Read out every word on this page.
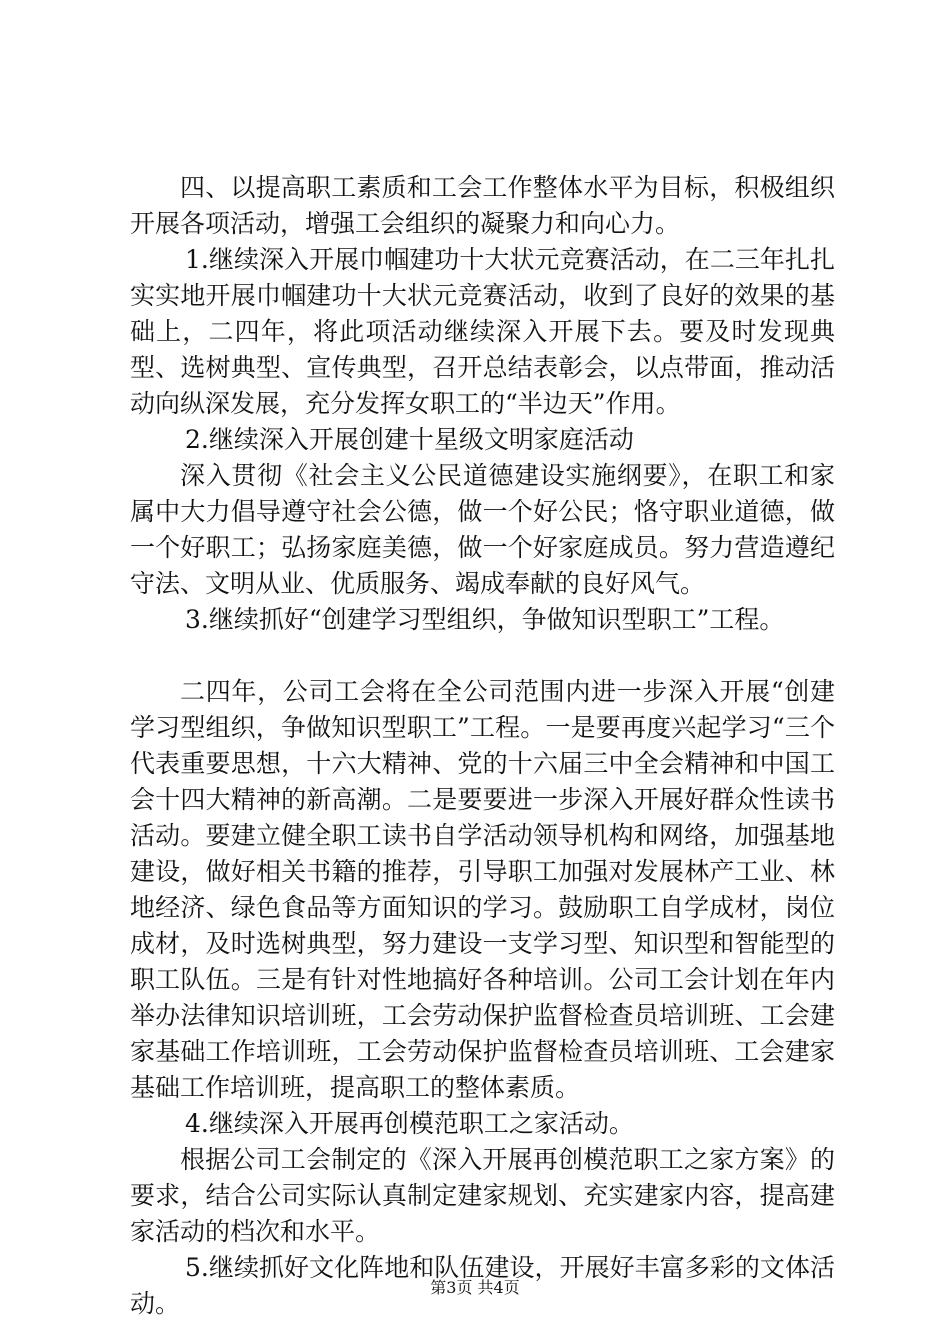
四、以提高职工素质和工会工作整体水平为目标，积极组织开展各项活动，增强工会组织的凝聚力和向心力。

1.继续深入开展巾帼建功十大状元竞赛活动，在二三年扎扎实实地开展巾帼建功十大状元竞赛活动，收到了良好的效果的基础上，二四年，将此项活动继续深入开展下去。要及时发现典型、选树典型、宣传典型，召开总结表彰会，以点带面，推动活动向纵深发展，充分发挥女职工的“半边天”作用。

2.继续深入开展创建十星级文明家庭活动

深入贯彻《社会主义公民道德建设实施纲要》，在职工和家属中大力倡导遵守社会公德，做一个好公民；恪守职业道德，做一个好职工；弘扬家庭美德，做一个好家庭成员。努力营造遵纪守法、文明从业、优质服务、竭成奉献的良好风气。

3.继续抓好“创建学习型组织，争做知识型职工”工程。

二四年，公司工会将在全公司范围内进一步深入开展“创建学习型组织，争做知识型职工”工程。一是要再度兴起学习“三个代表重要思想，十六大精神、党的十六届三中全会精神和中国工会十四大精神的新高潮。二是要要进一步深入开展好群众性读书活动。要建立健全职工读书自学活动领导机构和网络，加强基地建设，做好相关书籍的推荐，引导职工加强对发展林产工业、林地经济、绿色食品等方面知识的学习。鼓励职工自学成材，岗位成材，及时选树典型，努力建设一支学习型、知识型和智能型的职工队伍。三是有针对性地搞好各种培训。公司工会计划在年内举办法律知识培训班，工会劳动保护监督检查员培训班、工会建家基础工作培训班，工会劳动保护监督检查员培训班、工会建家基础工作培训班，提高职工的整体素质。

4.继续深入开展再创模范职工之家活动。

根据公司工会制定的《深入开展再创模范职工之家方案》的要求，结合公司实际认真制定建家规划、充实建家内容，提高建家活动的档次和水平。

5.继续抓好文化阵地和队伍建设，开展好丰富多彩的文体活动。

第3页 共4页
